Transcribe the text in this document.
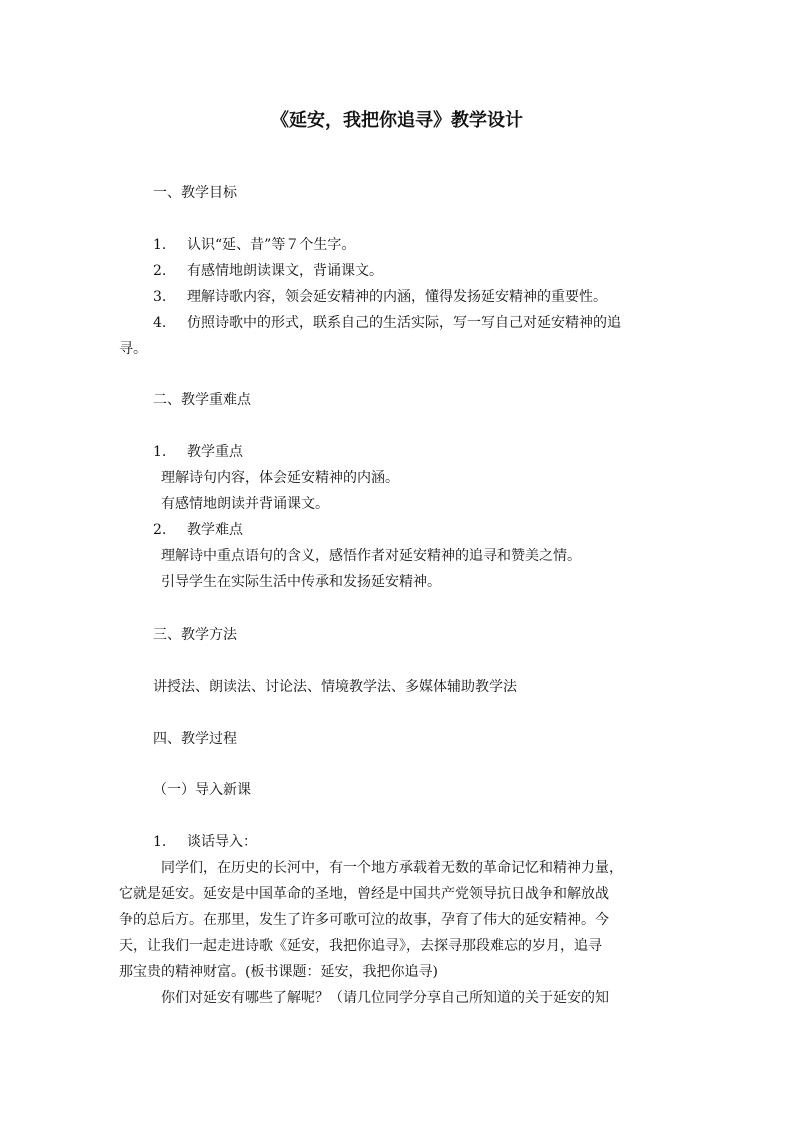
《延安，我把你追寻》教学设计
一、教学目标
1. 认识“延、昔”等７个生字。
2. 有感情地朗读课文，背诵课文。
3. 理解诗歌内容，领会延安精神的内涵，懂得发扬延安精神的重要性。
4. 仿照诗歌中的形式，联系自己的生活实际，写一写自己对延安精神的追
寻。
二、教学重难点
1. 教学重点
理解诗句内容，体会延安精神的内涵。
有感情地朗读并背诵课文。
2. 教学难点
理解诗中重点语句的含义，感悟作者对延安精神的追寻和赞美之情。
引导学生在实际生活中传承和发扬延安精神。
三、教学方法
讲授法、朗读法、讨论法、情境教学法、多媒体辅助教学法
四、教学过程
（一）导入新课
1. 谈话导入：
同学们，在历史的长河中，有一个地方承载着无数的革命记忆和精神力量，
它就是延安。延安是中国革命的圣地，曾经是中国共产党领导抗日战争和解放战
争的总后方。在那里，发生了许多可歌可泣的故事，孕育了伟大的延安精神。今
天，让我们一起走进诗歌《延安，我把你追寻》，去探寻那段难忘的岁月，追寻
那宝贵的精神财富。(板书课题：延安，我把你追寻)
你们对延安有哪些了解呢？（请几位同学分享自己所知道的关于延安的知
